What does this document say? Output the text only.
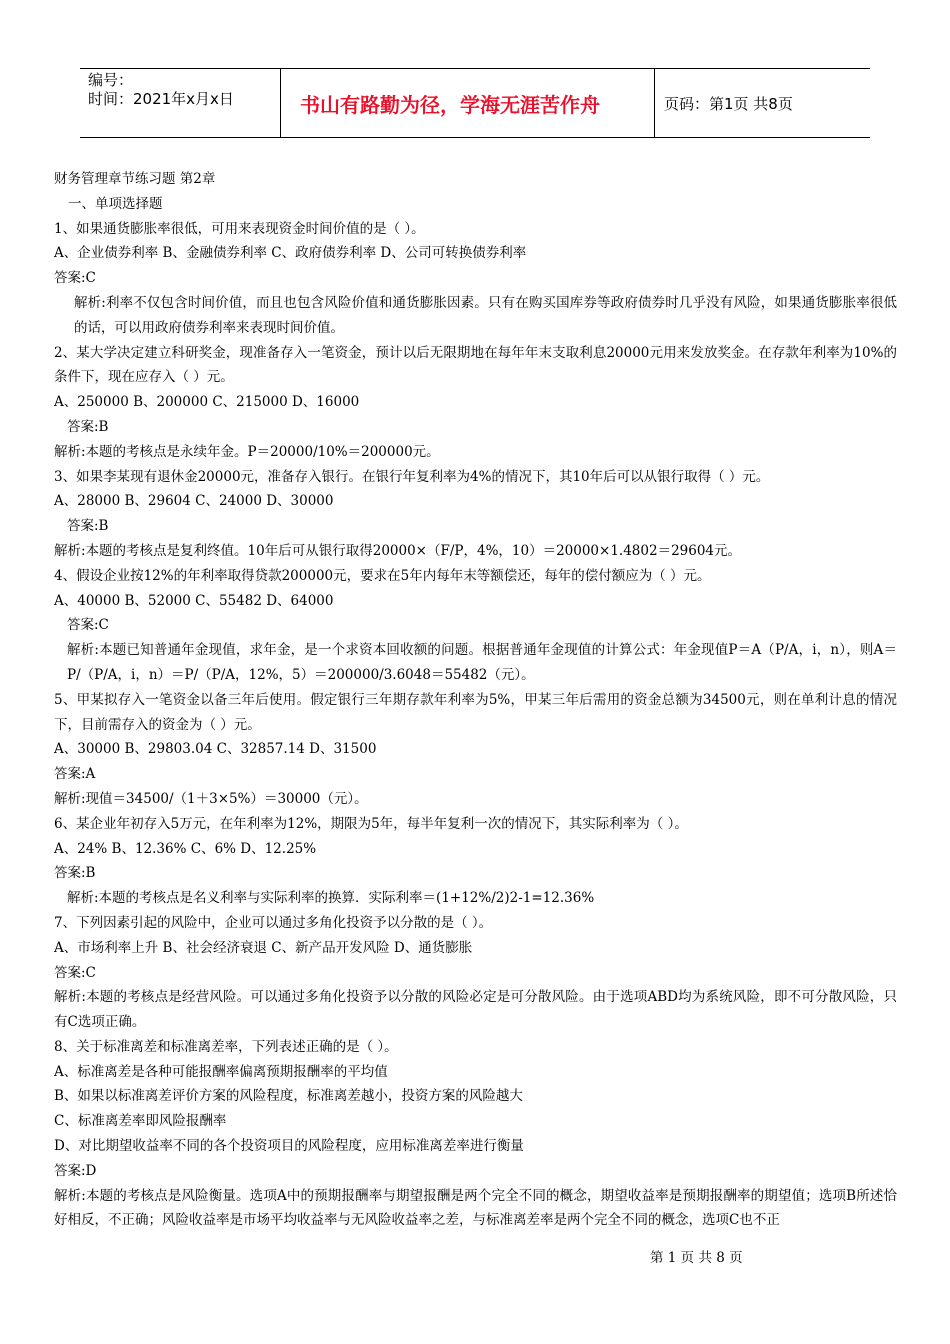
编号：
时间：2021年x月x日	书山有路勤为径，学海无涯苦作舟	页码：第1页 共8页

财务管理章节练习题 第2章

一、单项选择题

1、如果通货膨胀率很低，可用来表现资金时间价值的是（ ）。

A、企业债券利率 B、金融债券利率 C、政府债券利率 D、公司可转换债券利率

答案:C

解析:利率不仅包含时间价值，而且也包含风险价值和通货膨胀因素。只有在购买国库券等政府债券时几乎没有风险，如果通货膨胀率很低的话，可以用政府债券利率来表现时间价值。

2、某大学决定建立科研奖金，现准备存入一笔资金，预计以后无限期地在每年年末支取利息20000元用来发放奖金。在存款年利率为10%的条件下，现在应存入（ ）元。

A、250000 B、200000 C、215000 D、16000

答案:B

解析:本题的考核点是永续年金。P＝20000/10%＝200000元。

3、如果李某现有退休金20000元，准备存入银行。在银行年复利率为4%的情况下，其10年后可以从银行取得（ ）元。

A、28000 B、29604 C、24000 D、30000

答案:B

解析:本题的考核点是复利终值。10年后可从银行取得20000×（F/P，4%，10）＝20000×1.4802＝29604元。

4、假设企业按12%的年利率取得贷款200000元，要求在5年内每年末等额偿还，每年的偿付额应为（ ）元。

A、40000 B、52000 C、55482 D、64000

答案:C

解析:本题已知普通年金现值，求年金，是一个求资本回收额的问题。根据普通年金现值的计算公式：年金现值P＝A（P/A，i，n），则A＝P/（P/A，i，n）＝P/（P/A，12%，5）＝200000/3.6048＝55482（元）。

5、甲某拟存入一笔资金以备三年后使用。假定银行三年期存款年利率为5%，甲某三年后需用的资金总额为34500元，则在单利计息的情况下，目前需存入的资金为（ ）元。

A、30000 B、29803.04 C、32857.14 D、31500

答案:A

解析:现值＝34500/（1＋3×5%）＝30000（元）。

6、某企业年初存入5万元，在年利率为12%，期限为5年，每半年复利一次的情况下，其实际利率为（ ）。

A、24% B、12.36% C、6% D、12.25%

答案:B

解析:本题的考核点是名义利率与实际利率的换算．实际利率＝(1+12%/2)2-1=12.36%

7、下列因素引起的风险中，企业可以通过多角化投资予以分散的是（ ）。

A、市场利率上升 B、社会经济衰退 C、新产品开发风险 D、通货膨胀

答案:C

解析:本题的考核点是经营风险。可以通过多角化投资予以分散的风险必定是可分散风险。由于选项ABD均为系统风险，即不可分散风险，只有C选项正确。

8、关于标准离差和标准离差率，下列表述正确的是（ ）。

A、标准离差是各种可能报酬率偏离预期报酬率的平均值

B、如果以标准离差评价方案的风险程度，标准离差越小，投资方案的风险越大

C、标准离差率即风险报酬率

D、对比期望收益率不同的各个投资项目的风险程度，应用标准离差率进行衡量

答案:D

解析:本题的考核点是风险衡量。选项A中的预期报酬率与期望报酬是两个完全不同的概念，期望收益率是预期报酬率的期望值；选项B所述恰好相反，不正确；风险收益率是市场平均收益率与无风险收益率之差，与标准离差率是两个完全不同的概念，选项C也不正

第 1 页 共 8 页
